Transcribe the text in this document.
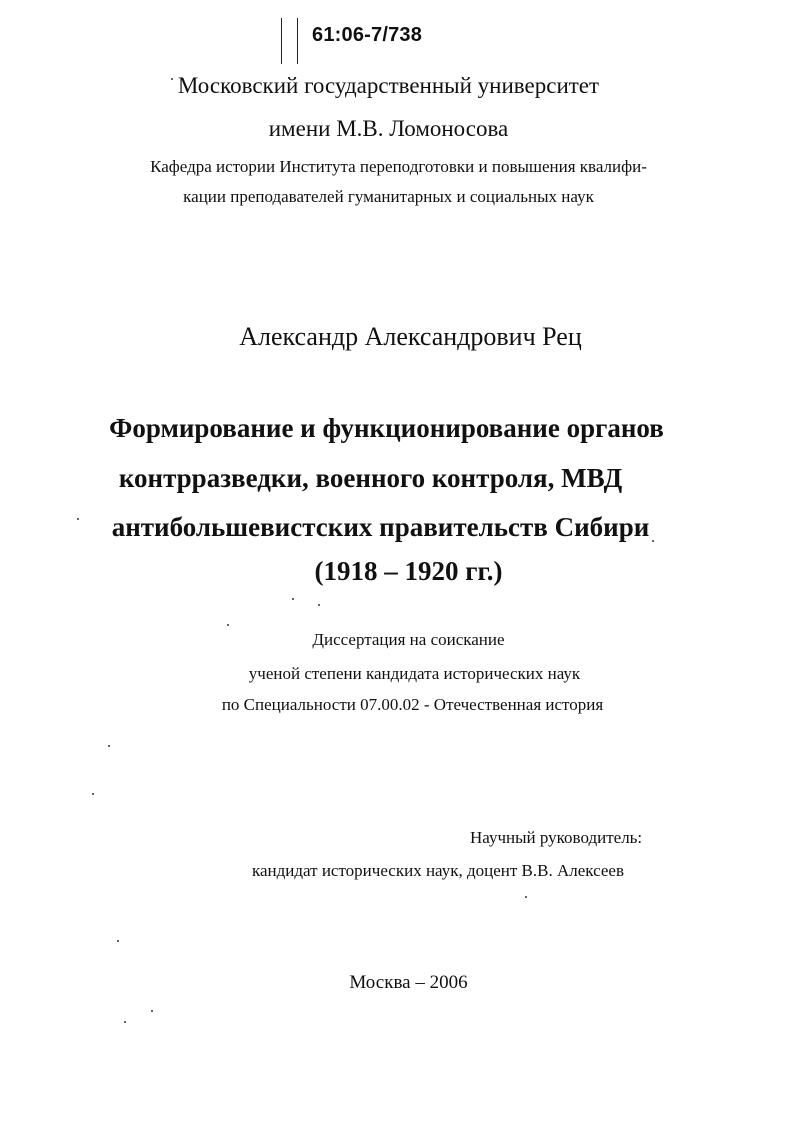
61:06-7/738
Московский государственный университет
имени М.В. Ломоносова
Кафедра истории Института переподготовки и повышения квалифи-
кации преподавателей гуманитарных и социальных наук
Александр Александрович Рец
Формирование и функционирование органов
контрразведки, военного контроля, МВД
антибольшевистских правительств Сибири
(1918 – 1920 гг.)
Диссертация на соискание
ученой степени кандидата исторических наук
по Специальности 07.00.02 - Отечественная история
Научный руководитель:
кандидат исторических наук, доцент В.В. Алексеев
Москва – 2006
